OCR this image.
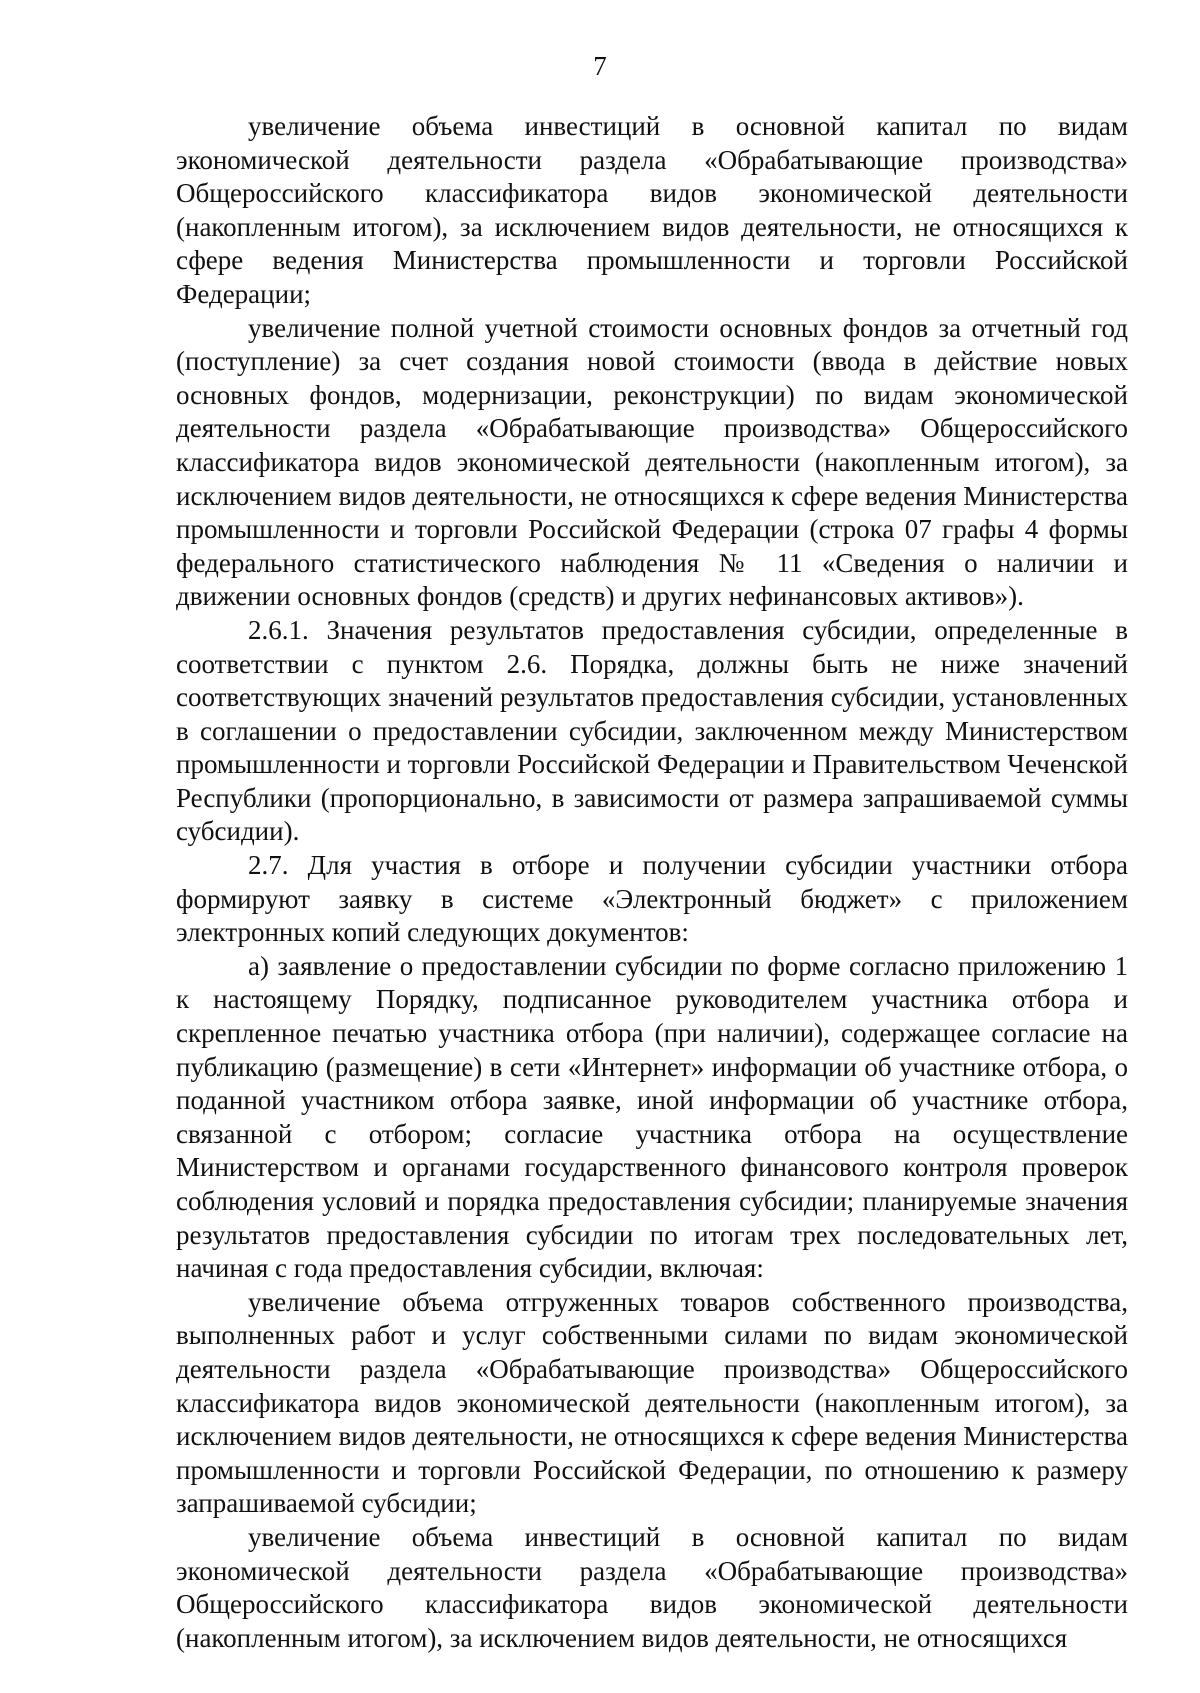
7

увеличение объема инвестиций в основной капитал по видам экономической деятельности раздела «Обрабатывающие производства» Общероссийского классификатора видов экономической деятельности (накопленным итогом), за исключением видов деятельности, не относящихся к сфере ведения Министерства промышленности и торговли Российской Федерации;

увеличение полной учетной стоимости основных фондов за отчетный год (поступление) за счет создания новой стоимости (ввода в действие новых основных фондов, модернизации, реконструкции) по видам экономической деятельности раздела «Обрабатывающие производства» Общероссийского классификатора видов экономической деятельности (накопленным итогом), за исключением видов деятельности, не относящихся к сфере ведения Министерства промышленности и торговли Российской Федерации (строка 07 графы 4 формы федерального статистического наблюдения № 11 «Сведения о наличии и движении основных фондов (средств) и других нефинансовых активов»).

2.6.1. Значения результатов предоставления субсидии, определенные в соответствии с пунктом 2.6. Порядка, должны быть не ниже значений соответствующих значений результатов предоставления субсидии, установленных в соглашении о предоставлении субсидии, заключенном между Министерством промышленности и торговли Российской Федерации и Правительством Чеченской Республики (пропорционально, в зависимости от размера запрашиваемой суммы субсидии).

2.7. Для участия в отборе и получении субсидии участники отбора формируют заявку в системе «Электронный бюджет» с приложением электронных копий следующих документов:

а) заявление о предоставлении субсидии по форме согласно приложению 1 к настоящему Порядку, подписанное руководителем участника отбора и скрепленное печатью участника отбора (при наличии), содержащее согласие на публикацию (размещение) в сети «Интернет» информации об участнике отбора, о поданной участником отбора заявке, иной информации об участнике отбора, связанной с отбором; согласие участника отбора на осуществление Министерством и органами государственного финансового контроля проверок соблюдения условий и порядка предоставления субсидии; планируемые значения результатов предоставления субсидии по итогам трех последовательных лет, начиная с года предоставления субсидии, включая:

увеличение объема отгруженных товаров собственного производства, выполненных работ и услуг собственными силами по видам экономической деятельности раздела «Обрабатывающие производства» Общероссийского классификатора видов экономической деятельности (накопленным итогом), за исключением видов деятельности, не относящихся к сфере ведения Министерства промышленности и торговли Российской Федерации, по отношению к размеру запрашиваемой субсидии;

увеличение объема инвестиций в основной капитал по видам экономической деятельности раздела «Обрабатывающие производства» Общероссийского классификатора видов экономической деятельности (накопленным итогом), за исключением видов деятельности, не относящихся
